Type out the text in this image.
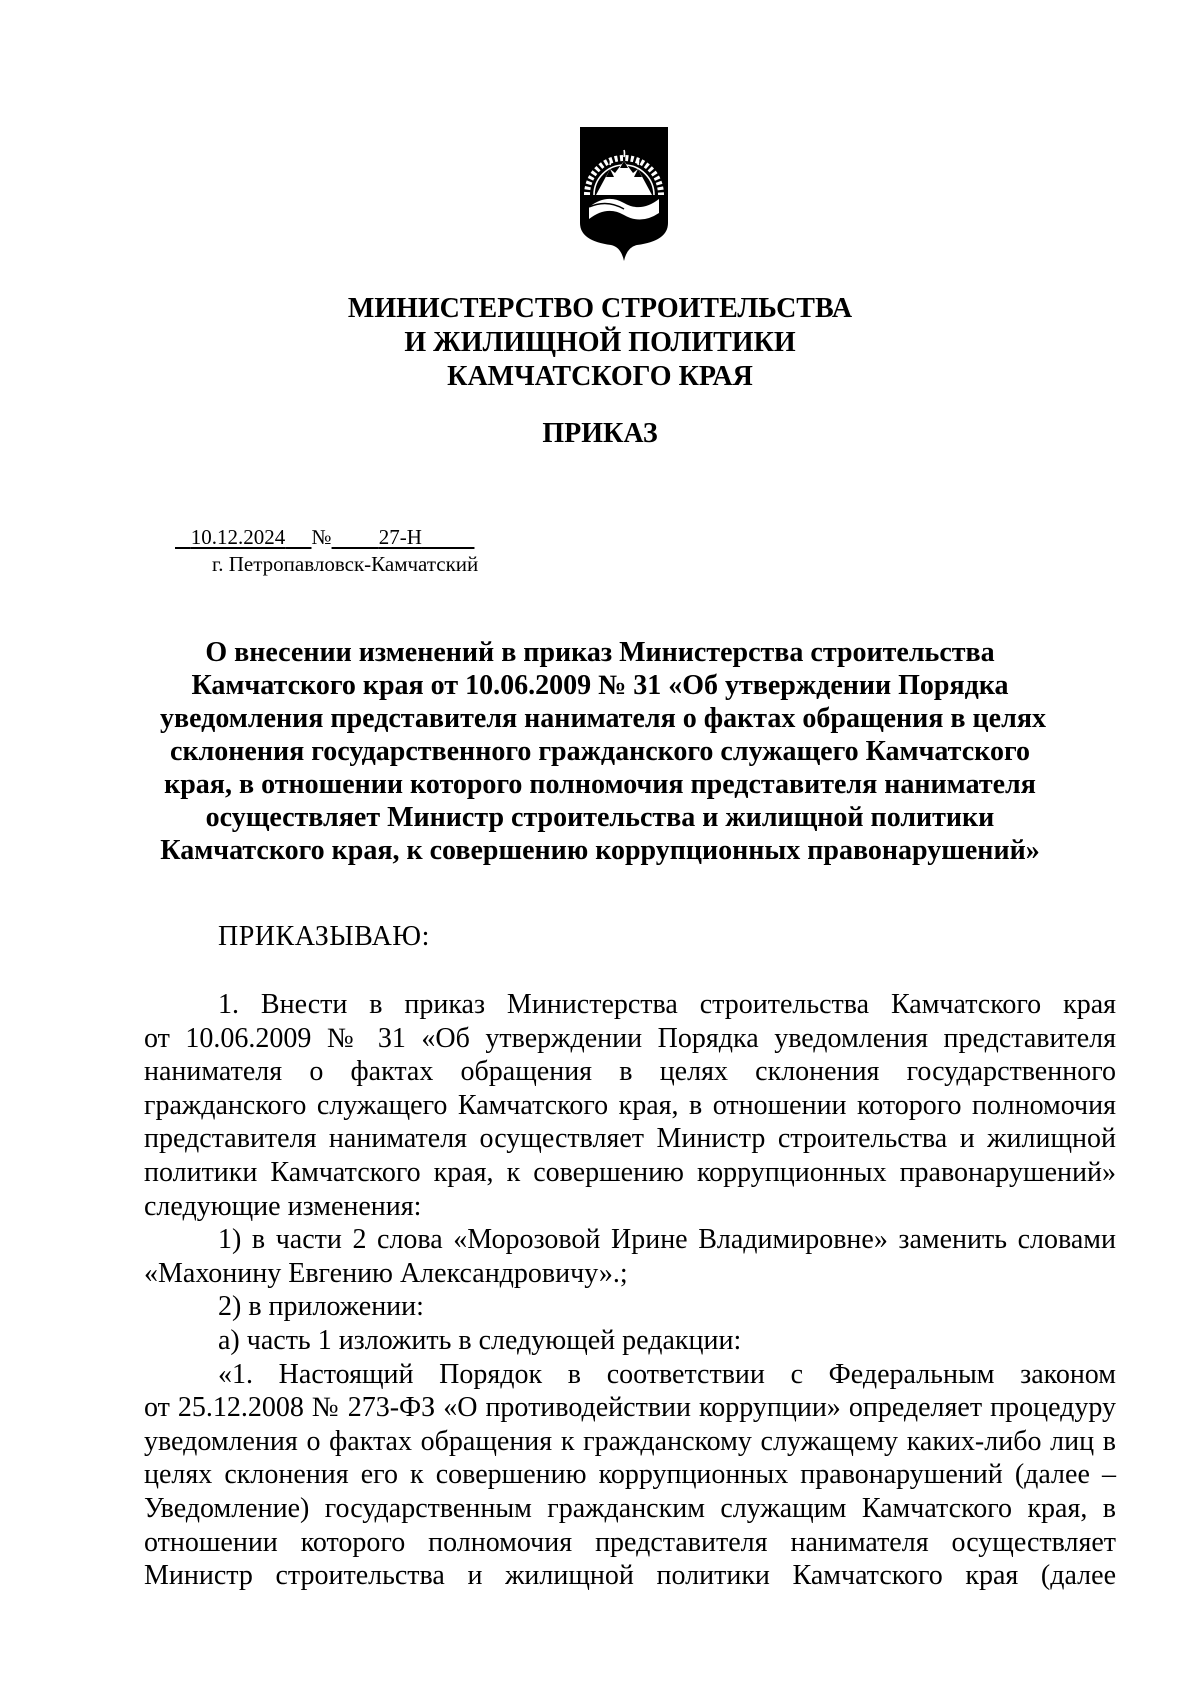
МИНИСТЕРСТВО СТРОИТЕЛЬСТВА
И ЖИЛИЩНОЙ ПОЛИТИКИ
КАМЧАТСКОГО КРАЯ
ПРИКАЗ
10.12.2024 № 27-Н
г. Петропавловск-Камчатский
О внесении изменений в приказ Министерства строительства
Камчатского края от 10.06.2009 № 31 «Об утверждении Порядка
уведомления представителя нанимателя о фактах обращения в целях
склонения государственного гражданского служащего Камчатского
края, в отношении которого полномочия представителя нанимателя
осуществляет Министр строительства и жилищной политики
Камчатского края, к совершению коррупционных правонарушений»
ПРИКАЗЫВАЮ:
1. Внести в приказ Министерства строительства Камчатского края
от 10.06.2009 № 31 «Об утверждении Порядка уведомления представителя
нанимателя о фактах обращения в целях склонения государственного
гражданского служащего Камчатского края, в отношении которого полномочия
представителя нанимателя осуществляет Министр строительства и жилищной
политики Камчатского края, к совершению коррупционных правонарушений»
следующие изменения:
1) в части 2 слова «Морозовой Ирине Владимировне» заменить словами
«Махонину Евгению Александровичу».;
2) в приложении:
а) часть 1 изложить в следующей редакции:
«1. Настоящий Порядок в соответствии с Федеральным законом
от 25.12.2008 № 273-ФЗ «О противодействии коррупции» определяет процедуру
уведомления о фактах обращения к гражданскому служащему каких-либо лиц в
целях склонения его к совершению коррупционных правонарушений (далее –
Уведомление) государственным гражданским служащим Камчатского края, в
отношении которого полномочия представителя нанимателя осуществляет
Министр строительства и жилищной политики Камчатского края (далее
